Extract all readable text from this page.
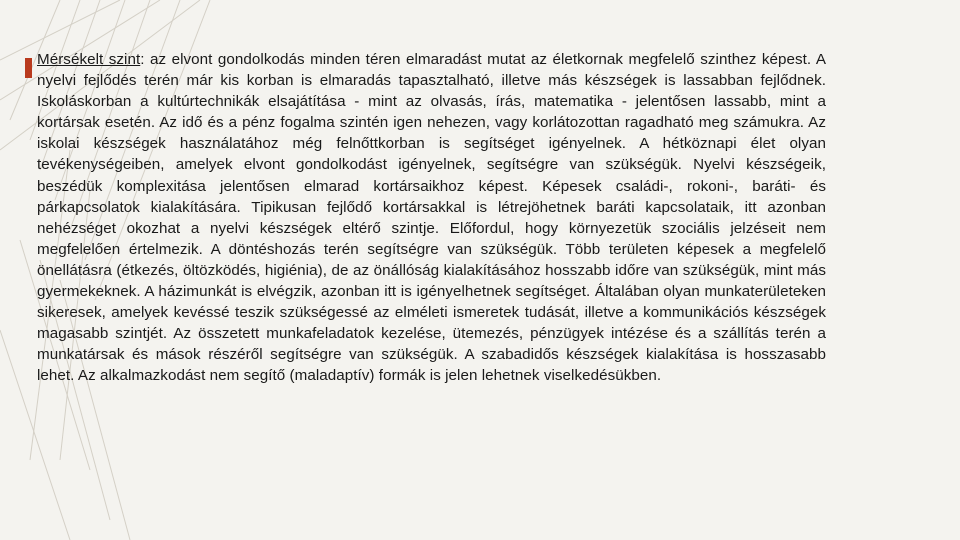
Mérsékelt szint: az elvont gondolkodás minden téren elmaradást mutat az életkornak megfelelő szinthez képest. A nyelvi fejlődés terén már kis korban is elmaradás tapasztalható, illetve más készségek is lassabban fejlődnek. Iskoláskorban a kultúrtechnikák elsajátítása - mint az olvasás, írás, matematika - jelentősen lassabb, mint a kortársak esetén. Az idő és a pénz fogalma szintén igen nehezen, vagy korlátozottan ragadható meg számukra. Az iskolai készségek használatához még felnőttkorban is segítséget igényelnek. A hétköznapi élet olyan tevékenységeiben, amelyek elvont gondolkodást igényelnek, segítségre van szükségük. Nyelvi készségeik, beszédük komplexitása jelentősen elmarad kortársaikhoz képest. Képesek családi-, rokoni-, baráti- és párkapcsolatok kialakítására. Tipikusan fejlődő kortársakkal is létrejöhetnek baráti kapcsolataik, itt azonban nehézséget okozhat a nyelvi készségek eltérő szintje. Előfordul, hogy környezetük szociális jelzéseit nem megfelelően értelmezik. A döntéshozás terén segítségre van szükségük. Több területen képesek a megfelelő önellátásra (étkezés, öltözködés, higiénia), de az önállóság kialakításához hosszabb időre van szükségük, mint más gyermekeknek. A házimunkát is elvégzik, azonban itt is igényelhetnek segítséget. Általában olyan munkaterületeken sikeresek, amelyek kevéssé teszik szükségessé az elméleti ismeretek tudását, illetve a kommunikációs készségek magasabb szintjét. Az összetett munkafeladatok kezelése, ütemezés, pénzügyek intézése és a szállítás terén a munkatársak és mások részéről segítségre van szükségük. A szabadidős készségek kialakítása is hosszasabb lehet. Az alkalmazkodást nem segítő (maladaptív) formák is jelen lehetnek viselkedésükben.
